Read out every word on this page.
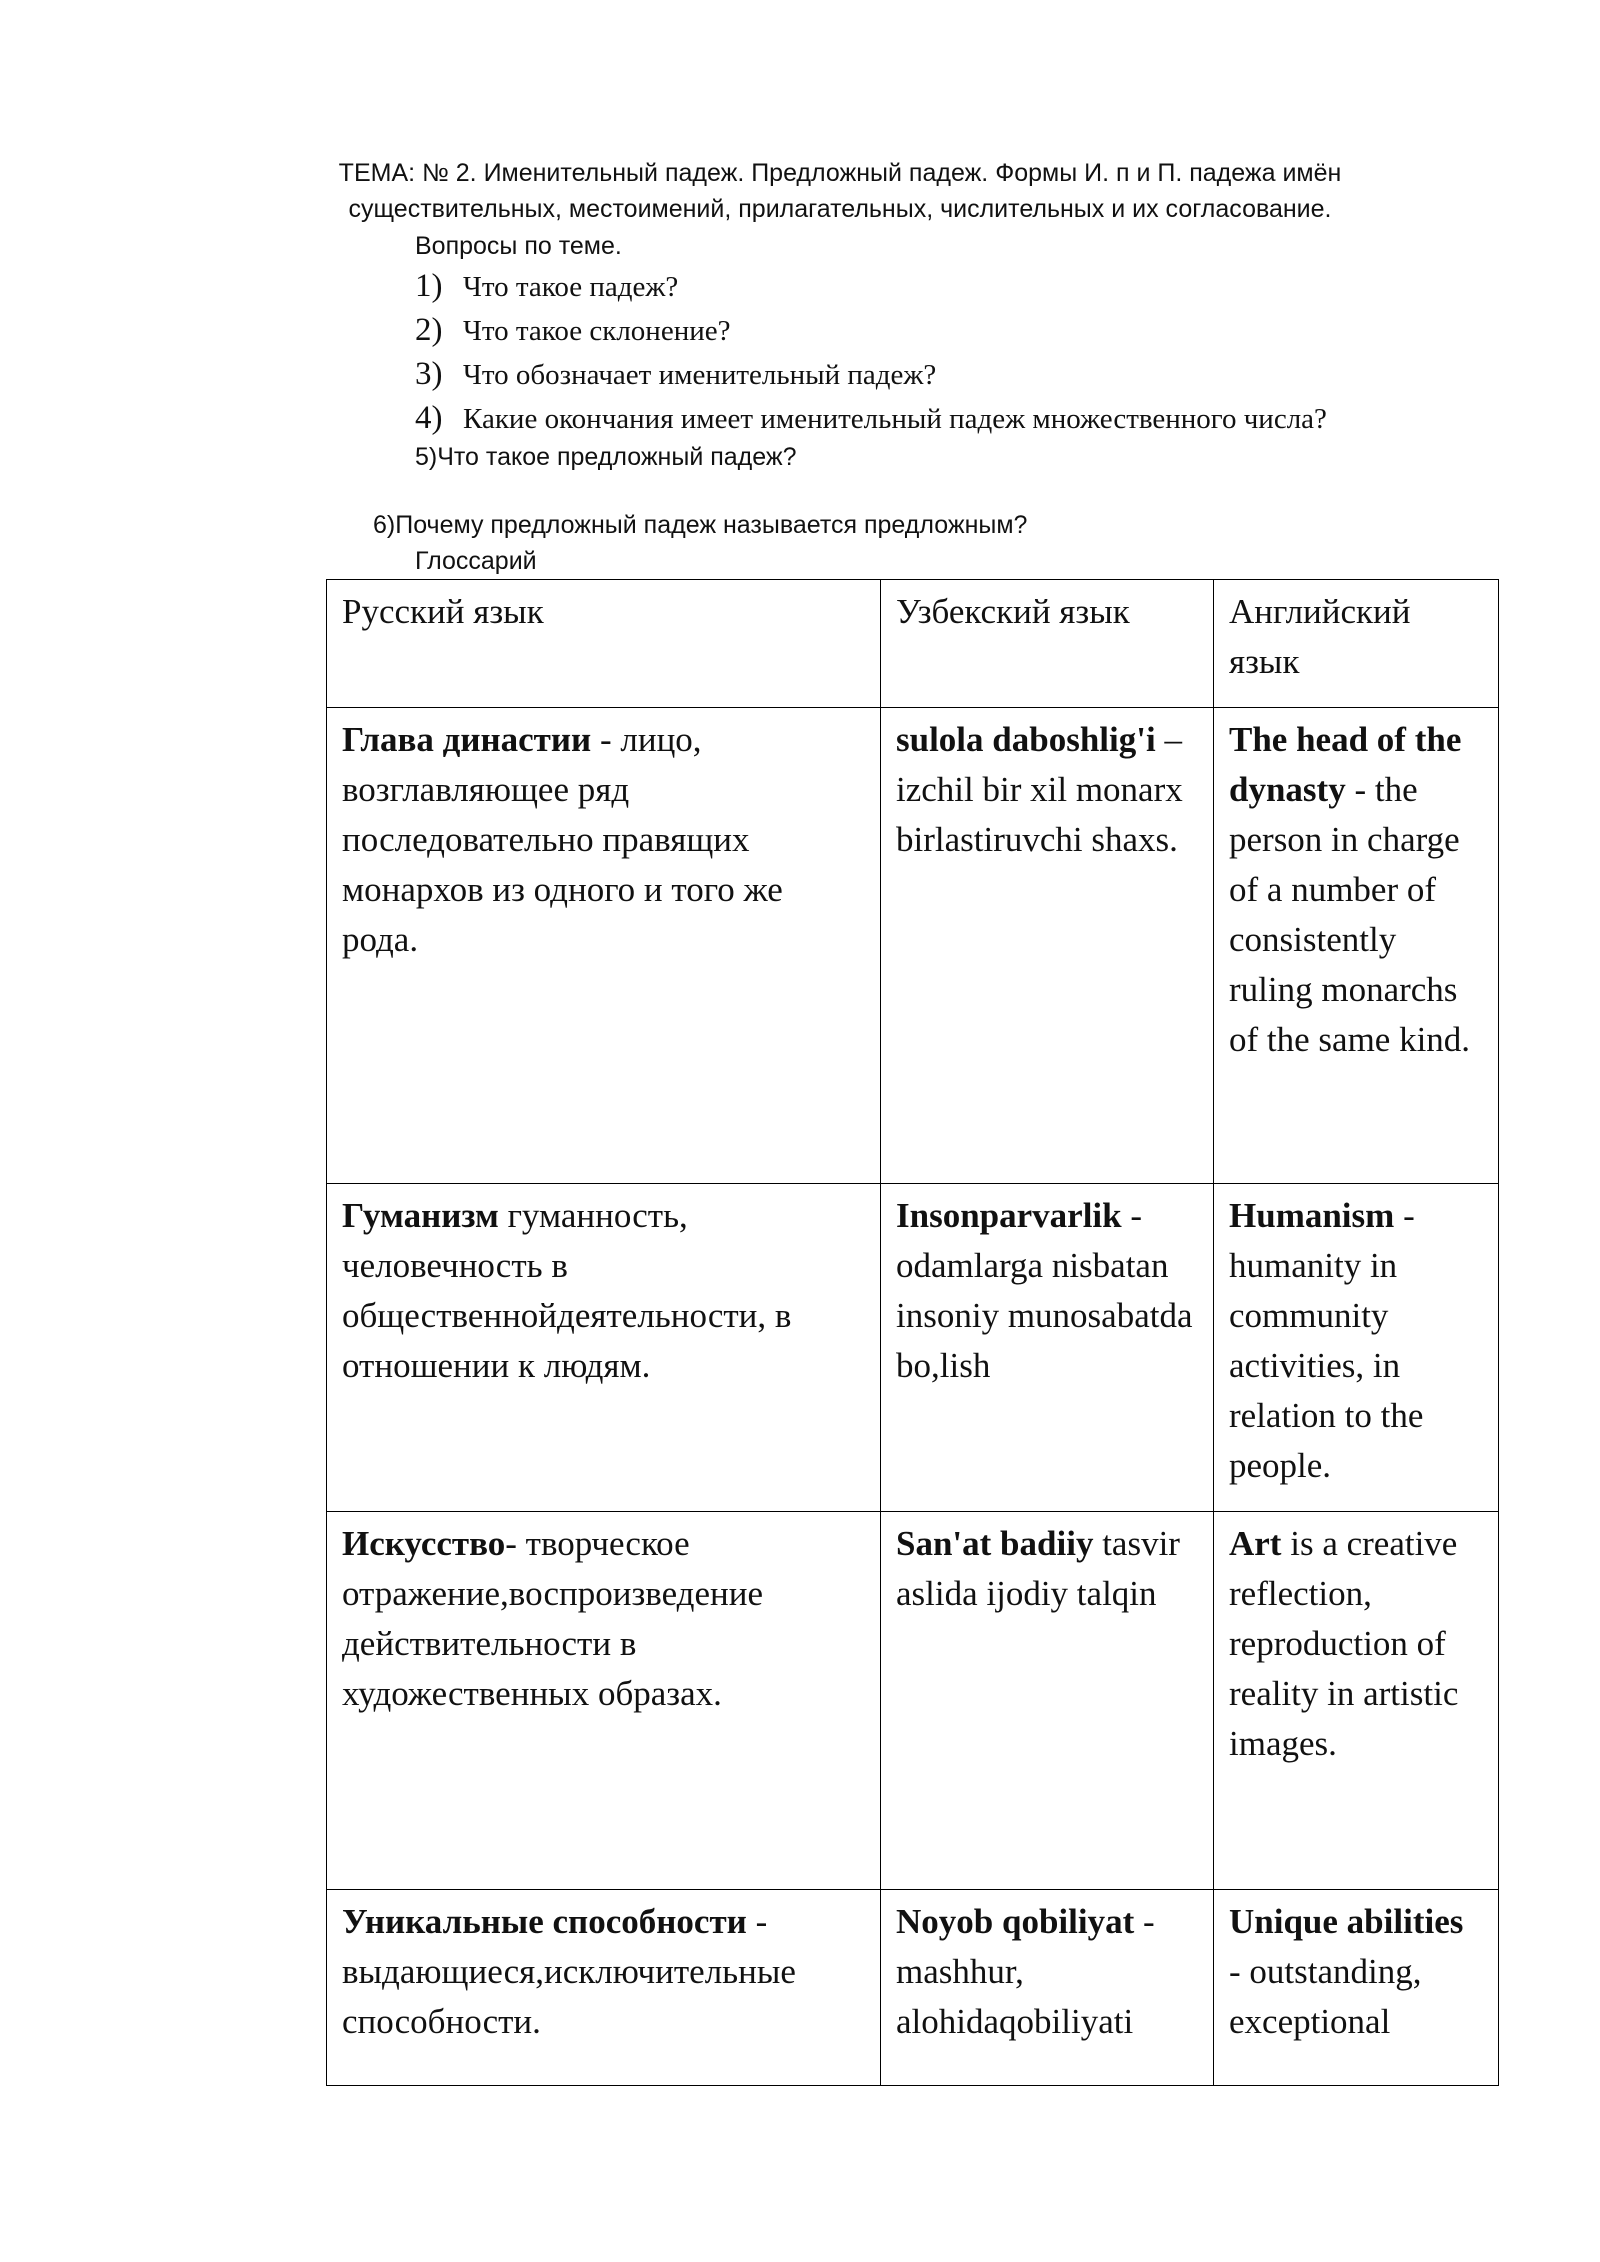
ТЕМА: № 2. Именительный падеж. Предложный падеж. Формы И. п и П. падежа имён существительных, местоимений, прилагательных, числительных и их согласование.
Вопросы по теме.
1) Что такое падеж?
2) Что такое склонение?
3) Что обозначает именительный падеж?
4) Какие окончания имеет именительный падеж множественного числа?
5)Что такое предложный падеж?
6)Почему предложный падеж называется предложным?
Глоссарий
Русский язык	Узбекский язык	Английский язык
Глава династии - лицо, возглавляющее ряд последовательно правящих монархов из одного и того же рода.	sulola daboshlig'i – izchil bir xil monarx birlastiruvchi shaxs.	The head of the dynasty - the person in charge of a number of consistently ruling monarchs of the same kind.
Гуманизм гуманность, человечность в общественнойдеятельности, в отношении к людям.	Insonparvarlik - odamlarga nisbatan insoniy munosabatda bo,lish	Humanism - humanity in community activities, in relation to the people.
Искусство- творческое отражение,воспроизведение действительности в художественных образах.	San'at badiiy tasvir aslida ijodiy talqin	Art is a creative reflection, reproduction of reality in artistic images.
Уникальные способности - выдающиеся,исключительные способности.	Noyob qobiliyat - mashhur, alohidaqobiliyati	Unique abilities - outstanding, exceptional
